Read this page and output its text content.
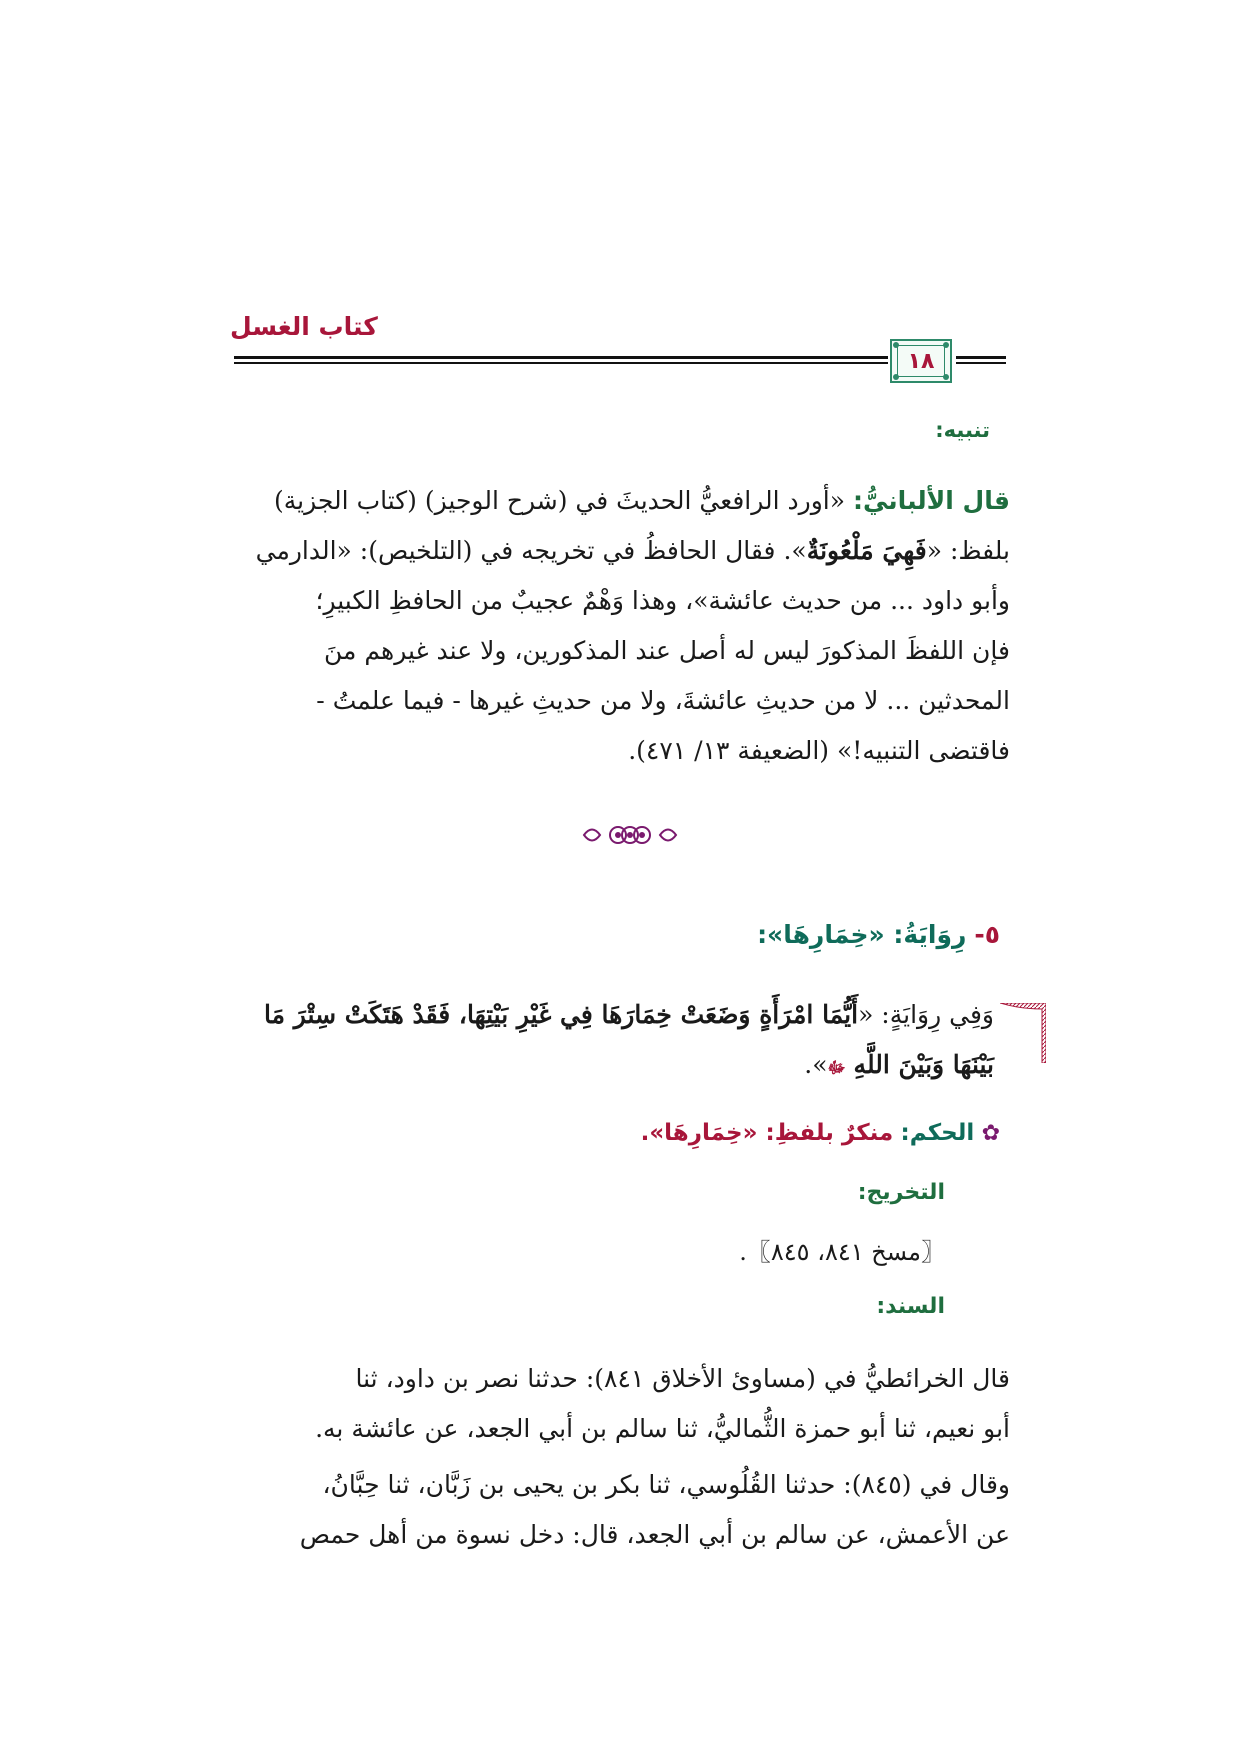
كتاب الغسل
١٨
تنبيه:
قال الألبانيُّ: «أورد الرافعيُّ الحديثَ في (شرح الوجيز) (كتاب الجزية)
بلفظ: «فَهِيَ مَلْعُونَةٌ». فقال الحافظُ في تخريجه في (التلخيص): «الدارمي
وأبو داود ... من حديث عائشة»، وهذا وَهْمٌ عجيبٌ من الحافظِ الكبيرِ؛
فإن اللفظَ المذكورَ ليس له أصل عند المذكورين، ولا عند غيرهم منَ
المحدثين ... لا من حديثِ عائشةَ، ولا من حديثِ غيرها - فيما علمتُ -
فاقتضى التنبيه!» (الضعيفة ١٣/ ٤٧١).
٥- رِوَايَةُ: «خِمَارِهَا»:
وَفِي رِوَايَةٍ: «أَيُّمَا امْرَأَةٍ وَضَعَتْ خِمَارَهَا فِي غَيْرِ بَيْتِهَا، فَقَدْ هَتَكَتْ سِتْرَ مَا
بَيْنَهَا وَبَيْنَ اللَّهِ ﷻ».
✿ الحكم: منكرٌ بلفظِ: «خِمَارِهَا».
التخريج:
〖مسخ ٨٤١، ٨٤٥〗.
السند:
قال الخرائطيُّ في (مساوئ الأخلاق ٨٤١): حدثنا نصر بن داود، ثنا
أبو نعيم، ثنا أبو حمزة الثُّماليُّ، ثنا سالم بن أبي الجعد، عن عائشة به.
وقال في (٨٤٥): حدثنا القُلُوسي، ثنا بكر بن يحيى بن زَبَّان، ثنا حِبَّانُ،
عن الأعمش، عن سالم بن أبي الجعد، قال: دخل نسوة من أهل حمص
